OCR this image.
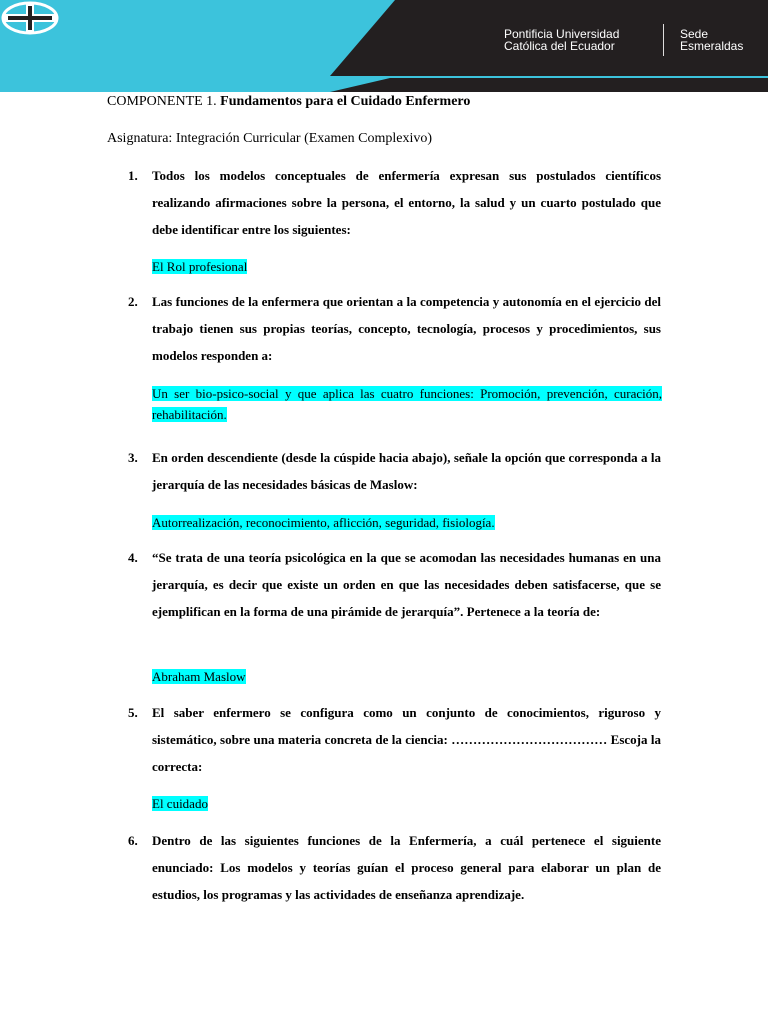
Pontificia Universidad
Católica del Ecuador
Sede
Esmeraldas
COMPONENTE 1. Fundamentos para el Cuidado Enfermero
Asignatura: Integración Curricular (Examen Complexivo)
1. Todos los modelos conceptuales de enfermería expresan sus postulados científicos realizando afirmaciones sobre la persona, el entorno, la salud y un cuarto postulado que debe identificar entre los siguientes:
El Rol profesional
2. Las funciones de la enfermera que orientan a la competencia y autonomía en el ejercicio del trabajo tienen sus propias teorías, concepto, tecnología, procesos y procedimientos, sus modelos responden a:
Un ser bio-psico-social y que aplica las cuatro funciones: Promoción, prevención, curación, rehabilitación.
3. En orden descendiente (desde la cúspide hacia abajo), señale la opción que corresponda a la jerarquía de las necesidades básicas de Maslow:
Autorrealización, reconocimiento, aflicción, seguridad, fisiología.
4. “Se trata de una teoría psicológica en la que se acomodan las necesidades humanas en una jerarquía, es decir que existe un orden en que las necesidades deben satisfacerse, que se ejemplifican en la forma de una pirámide de jerarquía”. Pertenece a la teoría de:
Abraham Maslow
5. El saber enfermero se configura como un conjunto de conocimientos, riguroso y sistemático, sobre una materia concreta de la ciencia: ……………………………… Escoja la correcta:
El cuidado
6. Dentro de las siguientes funciones de la Enfermería, a cuál pertenece el siguiente enunciado: Los modelos y teorías guían el proceso general para elaborar un plan de estudios, los programas y las actividades de enseñanza aprendizaje.
